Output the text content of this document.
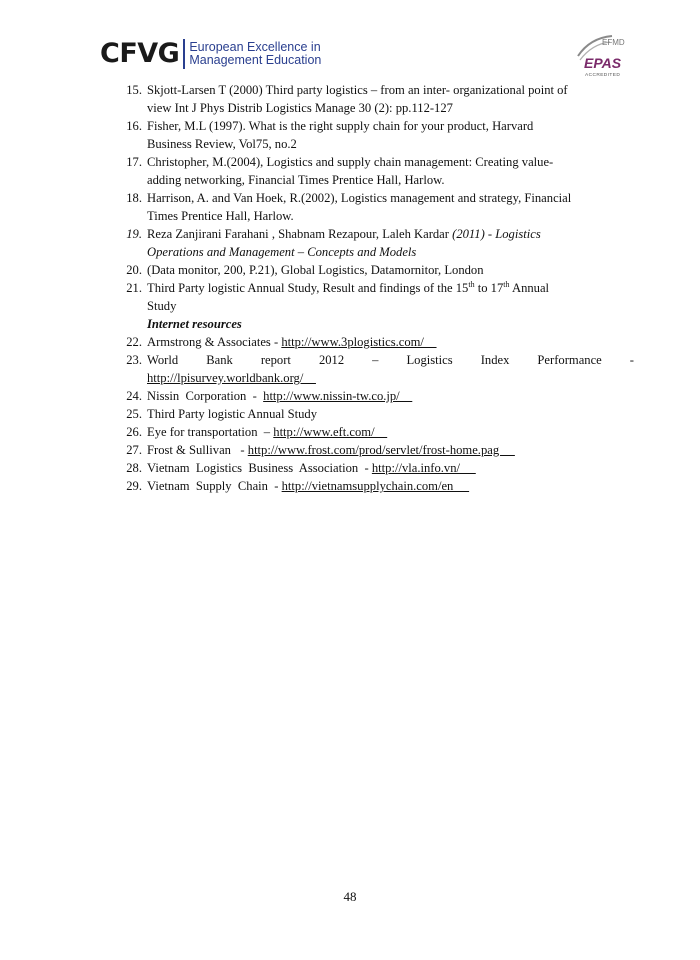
CFVG European Excellence in
Management Education
EFMD
EPAS
ACCREDITED
15. Skjott-Larsen T (2000) Third party logistics – from an inter- organizational point of
view Int J Phys Distrib Logistics Manage 30 (2): pp.112-127
16. Fisher, M.L (1997). What is the right supply chain for your product, Harvard
Business Review, Vol75, no.2
17. Christopher, M.(2004), Logistics and supply chain management: Creating value-
adding networking, Financial Times Prentice Hall, Harlow.
18. Harrison, A. and Van Hoek, R.(2002), Logistics management and strategy, Financial
Times Prentice Hall, Harlow.
19. Reza Zanjirani Farahani , Shabnam Rezapour, Laleh Kardar (2011) - Logistics
Operations and Management – Concepts and Models
20. (Data monitor, 200, P.21), Global Logistics, Datamornitor, London
21. Third Party logistic Annual Study, Result and findings of the 15th to 17th Annual
Study
Internet resources
22. Armstrong & Associates - http://www.3plogistics.com/
23. World Bank report 2012 – Logistics Index Performance -
http://lpisurvey.worldbank.org/
24. Nissin  Corporation  -  http://www.nissin-tw.co.jp/
25. Third Party logistic Annual Study
26. Eye for transportation  – http://www.eft.com/
27. Frost & Sullivan   - http://www.frost.com/prod/servlet/frost-home.pag
28. Vietnam  Logistics  Business  Association  - http://vla.info.vn/
29. Vietnam  Supply  Chain  - http://vietnamsupplychain.com/en
48
